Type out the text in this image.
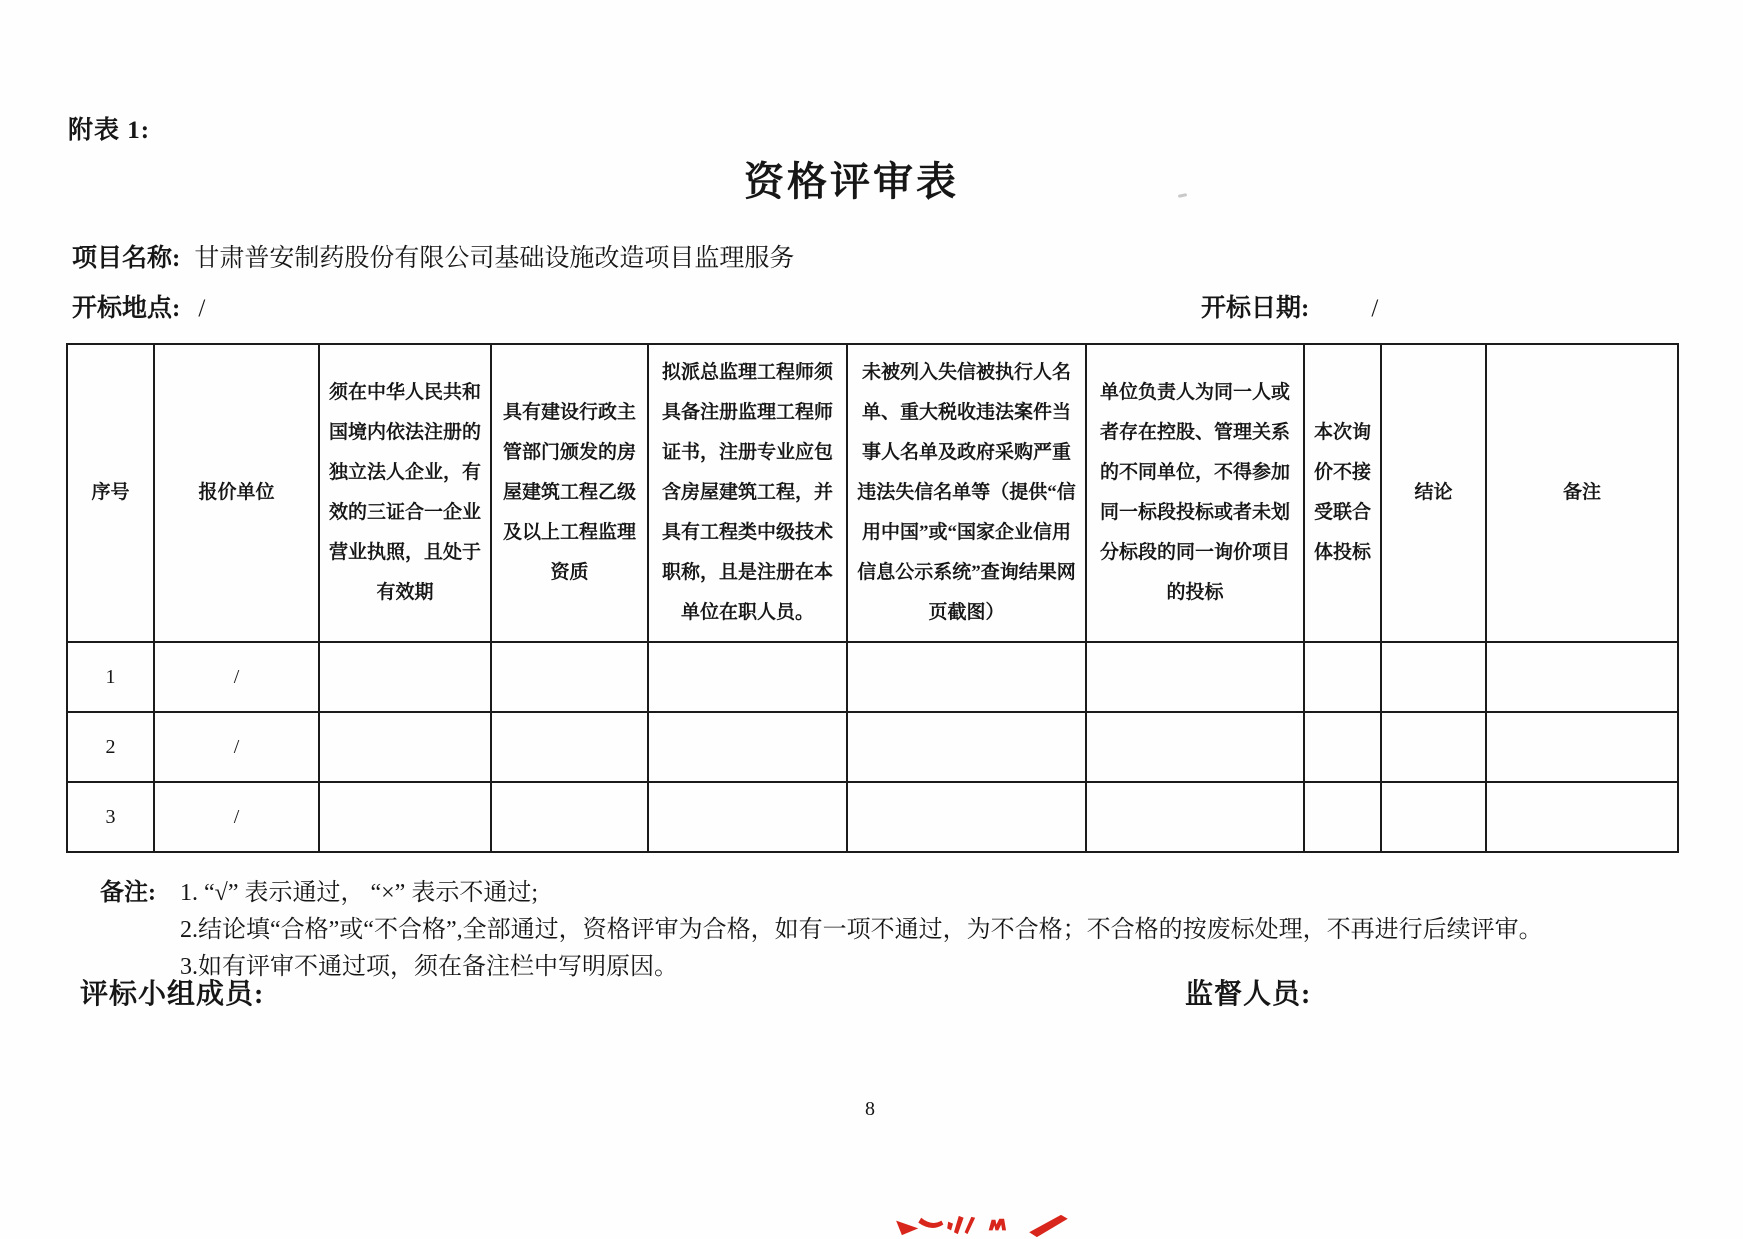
附表 1:
资格评审表
项目名称: 甘肃普安制药股份有限公司基础设施改造项目监理服务
开标地点: /	开标日期: /
序号	报价单位	须在中华人民共和国境内依法注册的独立法人企业，有效的三证合一企业营业执照，且处于有效期	具有建设行政主管部门颁发的房屋建筑工程乙级及以上工程监理资质	拟派总监理工程师须具备注册监理工程师证书，注册专业应包含房屋建筑工程，并具有工程类中级技术职称，且是注册在本单位在职人员。	未被列入失信被执行人名单、重大税收违法案件当事人名单及政府采购严重违法失信名单等（提供“信用中国”或“国家企业信用信息公示系统”查询结果网页截图）	单位负责人为同一人或者存在控股、管理关系的不同单位，不得参加同一标段投标或者未划分标段的同一询价项目的投标	本次询价不接受联合体投标	结论	备注
1	/								
2	/								
3	/								
备注: 1. “√” 表示通过， “×” 表示不通过;
2.结论填“合格”或“不合格”,全部通过，资格评审为合格，如有一项不通过，为不合格；不合格的按废标处理，不再进行后续评审。
3.如有评审不通过项，须在备注栏中写明原因。
评标小组成员:	监督人员:
8
